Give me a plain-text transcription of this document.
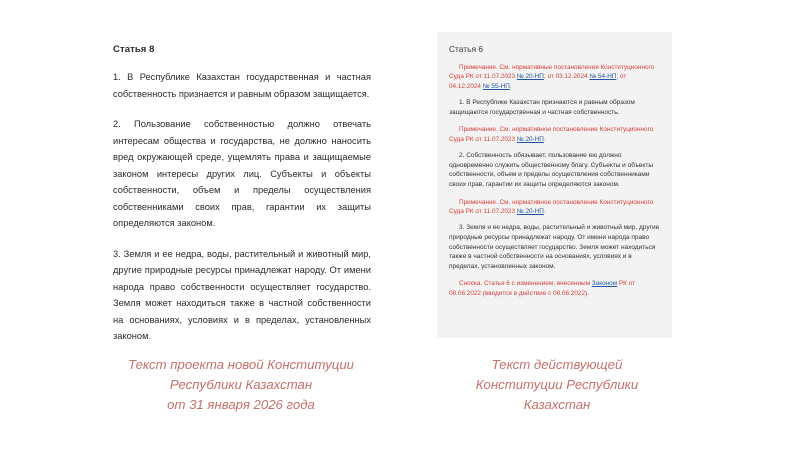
Статья 8
1. В Республике Казахстан государственная и частная собственность признается и равным образом защищается.
2. Пользование собственностью должно отвечать интересам общества и государства, не должно наносить вред окружающей среде, ущемлять права и защищаемые законом интересы других лиц. Субъекты и объекты собственности, объем и пределы осуществления собственниками своих прав, гарантии их защиты определяются законом.
3. Земля и ее недра, воды, растительный и животный мир, другие природные ресурсы принадлежат народу. От имени народа право собственности осуществляет государство. Земля может находиться также в частной собственности на основаниях, условиях и в пределах, установленных законом.
Текст проекта новой Конституции
Республики Казахстан
от 31 января 2026 года
Статья 6
Примечание. См. нормативные постановления Конституционного Суда РК от 11.07.2023 № 20-НП; от 03.12.2024 № 54-НП; от 04.12.2024 № 55-НП.
1. В Республике Казахстан признаются и равным образом защищаются государственная и частная собственность.
Примечание. См. нормативное постановление Конституционного Суда РК от 11.07.2023 № 20-НП.
2. Собственность обязывает, пользование ею должно одновременно служить общественному благу. Субъекты и объекты собственности, объем и пределы осуществления собственниками своих прав, гарантии их защиты определяются законом.
Примечание. См. нормативное постановление Конституционного Суда РК от 11.07.2023 № 20-НП.
3. Земля и ее недра, воды, растительный и животный мир, другие природные ресурсы принадлежат народу. От имени народа право собственности осуществляет государство. Земля может находиться также в частной собственности на основаниях, условиях и в пределах, установленных законом.
Сноска. Статья 6 с изменением, внесенным Законом РК от 08.06.2022 (вводится в действие с 08.06.2022).
Текст действующей
Конституции Республики
Казахстан
